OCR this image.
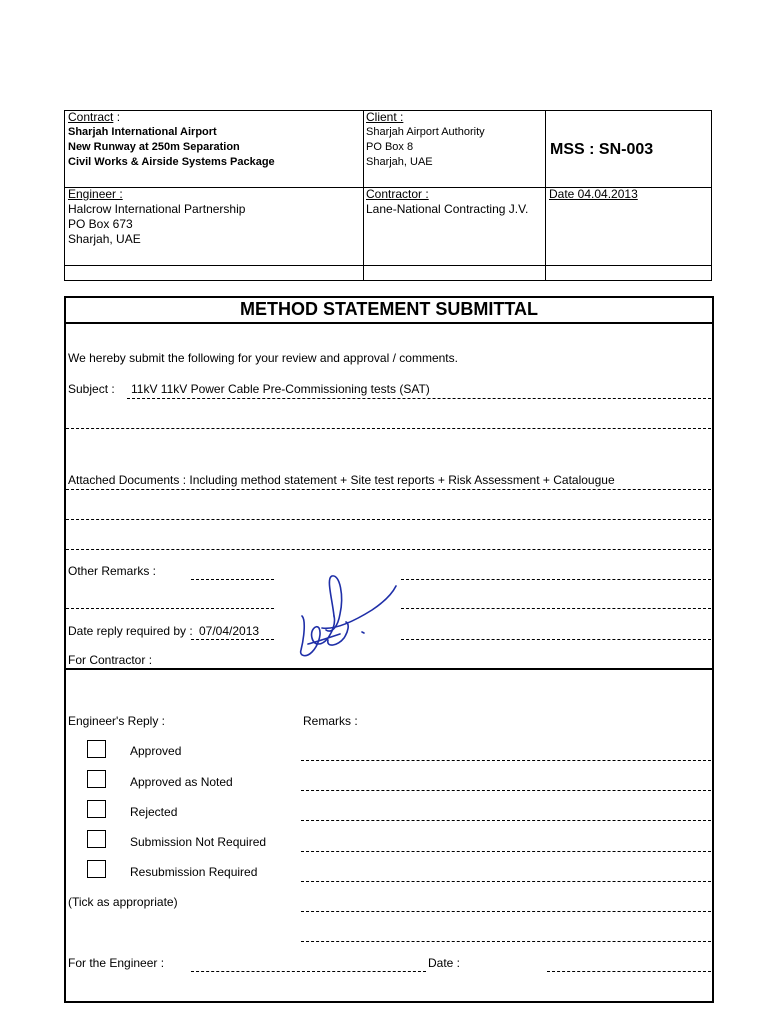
Contract :
Sharjah International Airport
New Runway at 250m Separation
Civil Works & Airside Systems Package
Client :
Sharjah Airport Authority
PO Box 8
Sharjah, UAE
MSS : SN-003
Engineer :
Halcrow International Partnership
PO Box 673
Sharjah, UAE
Contractor :
Lane-National Contracting J.V.
Date 04.04.2013
METHOD STATEMENT SUBMITTAL
We hereby submit the following for your review and approval / comments.
Subject : 11kV 11kV Power Cable Pre-Commissioning tests (SAT)
Attached Documents : Including method statement + Site test reports + Risk Assessment + Catalougue
Other Remarks :
Date reply required by : 07/04/2013
For Contractor :
Engineer's Reply :	Remarks :
Approved
Approved as Noted
Rejected
Submission Not Required
Resubmission Required
(Tick as appropriate)
For the Engineer :	Date :
